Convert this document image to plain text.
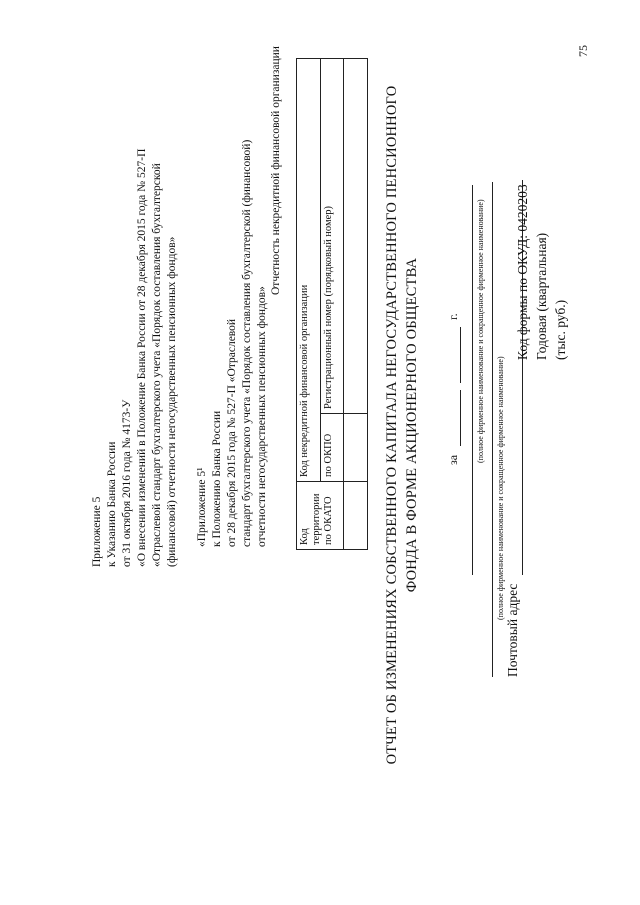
Приложение 5 к Указанию Банка России от 31 октября 2016 года № 4173-У «О внесении изменений в Положение Банка России от 28 декабря 2015 года № 527-П «Отраслевой стандарт бухгалтерского учета «Порядок составления бухгалтерской (финансовой) отчетности негосударственных пенсионных фондов» «Приложение 5¹ к Положению Банка России от 28 декабря 2015 года № 527-П «Отраслевой стандарт бухгалтерского учета «Порядок составления бухгалтерской (финансовой) отчетности негосударственных пенсионных фондов»
Отчетность некредитной финансовой организации
Код территории по ОКАТО	Код некредитной финансовой организации	
	по ОКПО	Регистрационный номер (порядковый номер)
			ОТЧЕТ ОБ ИЗМЕНЕНИЯХ СОБСТВЕННОГО КАПИТАЛА НЕГОСУДАРСТВЕННОГО ПЕНСИОННОГО ФОНДА В ФОРМЕ АКЦИОНЕРНОГО ОБЩЕСТВА за
г. (полное фирменное наименование и сокращенное фирменное наименование)
(полное фирменное наименование и сокращенное фирменное наименование)
Почтовый адрес
Код формы по ОКУД: 0420203 Годовая (квартальная) (тыс. руб.)
75
